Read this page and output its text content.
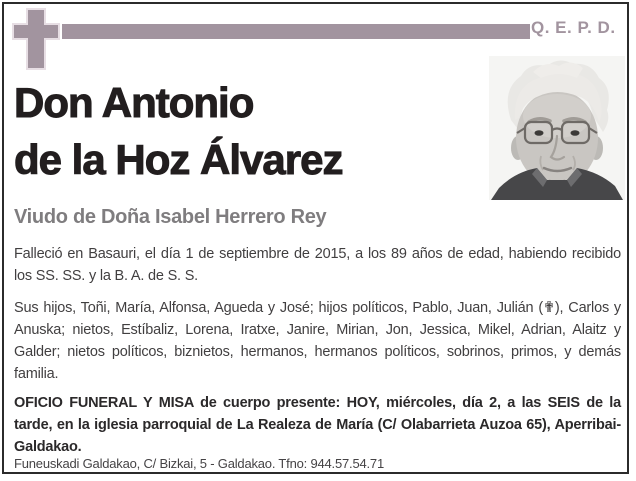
Q. E. P. D.
Don Antonio
de la Hoz Álvarez
Viudo de Doña Isabel Herrero Rey
Falleció en Basauri, el día 1 de septiembre de 2015, a los 89 años de edad, habiendo recibido los SS. SS. y la B. A. de S. S.
Sus hijos, Toñi, María, Alfonsa, Agueda y José; hijos políticos, Pablo, Juan, Julián (✟), Carlos y Anuska; nietos, Estíbaliz, Lorena, Iratxe, Janire, Mirian, Jon, Jessica, Mikel, Adrian, Alaitz y Galder; nietos políticos, biznietos, hermanos, hermanos políticos, sobrinos, primos, y demás familia.
OFICIO FUNERAL Y MISA de cuerpo presente: HOY, miércoles, día 2, a las SEIS de la tarde, en la iglesia parroquial de La Realeza de María (C/ Olabarrieta Auzoa 65), Aperribai-Galdakao.
Funeuskadi Galdakao, C/ Bizkai, 5 - Galdakao. Tfno: 944.57.54.71
